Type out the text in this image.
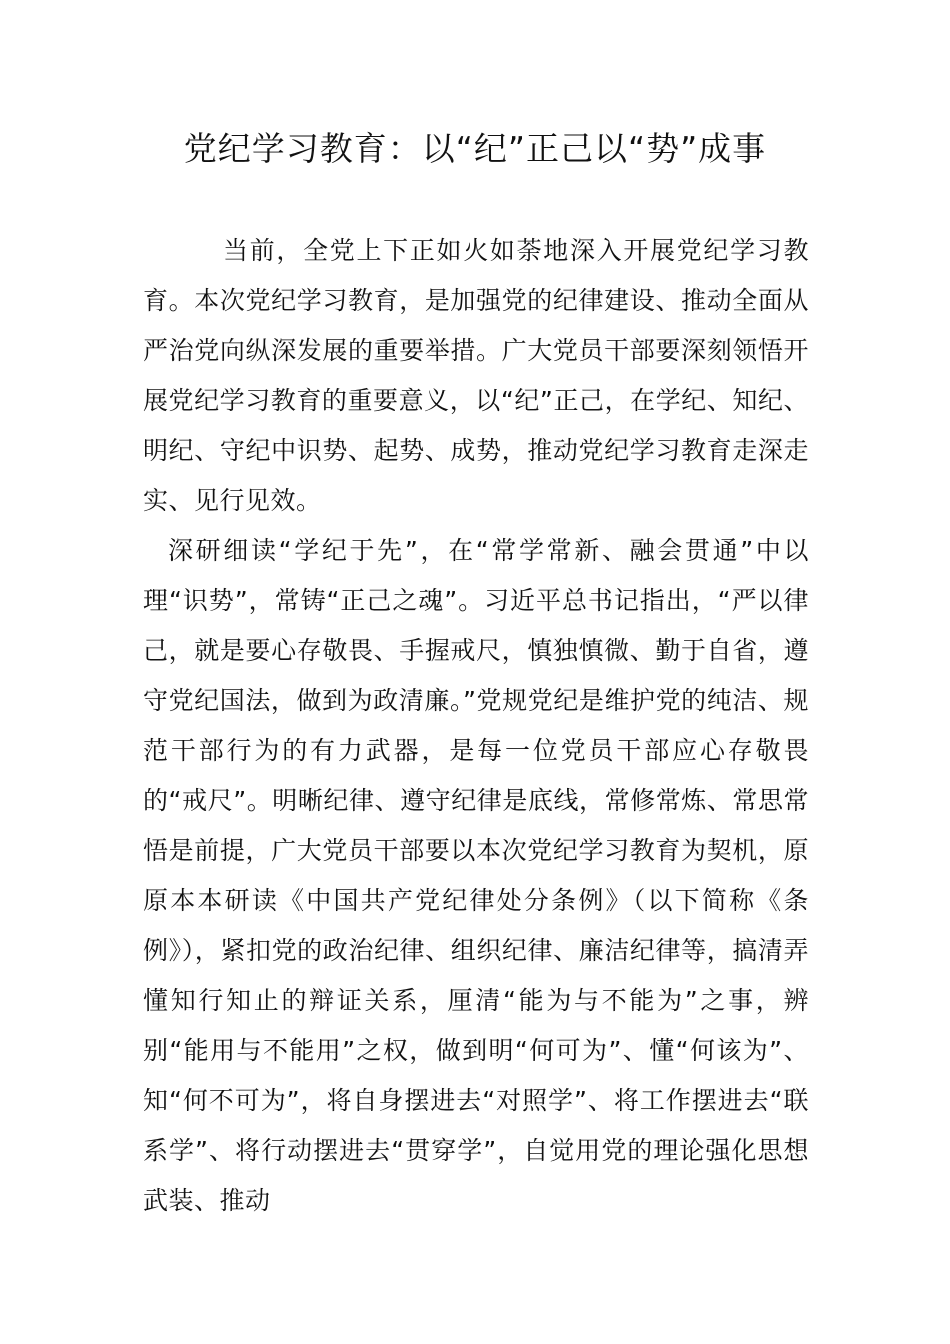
党纪学习教育：以“纪”正己以“势”成事

当前，全党上下正如火如荼地深入开展党纪学习教育。本次党纪学习教育，是加强党的纪律建设、推动全面从严治党向纵深发展的重要举措。广大党员干部要深刻领悟开展党纪学习教育的重要意义，以“纪”正己，在学纪、知纪、明纪、守纪中识势、起势、成势，推动党纪学习教育走深走实、见行见效。

深研细读“学纪于先”，在“常学常新、融会贯通”中以理“识势”，常铸“正己之魂”。习近平总书记指出，“严以律己，就是要心存敬畏、手握戒尺，慎独慎微、勤于自省，遵守党纪国法，做到为政清廉。”党规党纪是维护党的纯洁、规范干部行为的有力武器，是每一位党员干部应心存敬畏的“戒尺”。明晰纪律、遵守纪律是底线，常修常炼、常思常悟是前提，广大党员干部要以本次党纪学习教育为契机，原原本本研读《中国共产党纪律处分条例》（以下简称《条例》），紧扣党的政治纪律、组织纪律、廉洁纪律等，搞清弄懂知行知止的辩证关系，厘清“能为与不能为”之事，辨别“能用与不能用”之权，做到明“何可为”、懂“何该为”、知“何不可为”，将自身摆进去“对照学”、将工作摆进去“联系学”、将行动摆进去“贯穿学”，自觉用党的理论强化思想武装、推动
